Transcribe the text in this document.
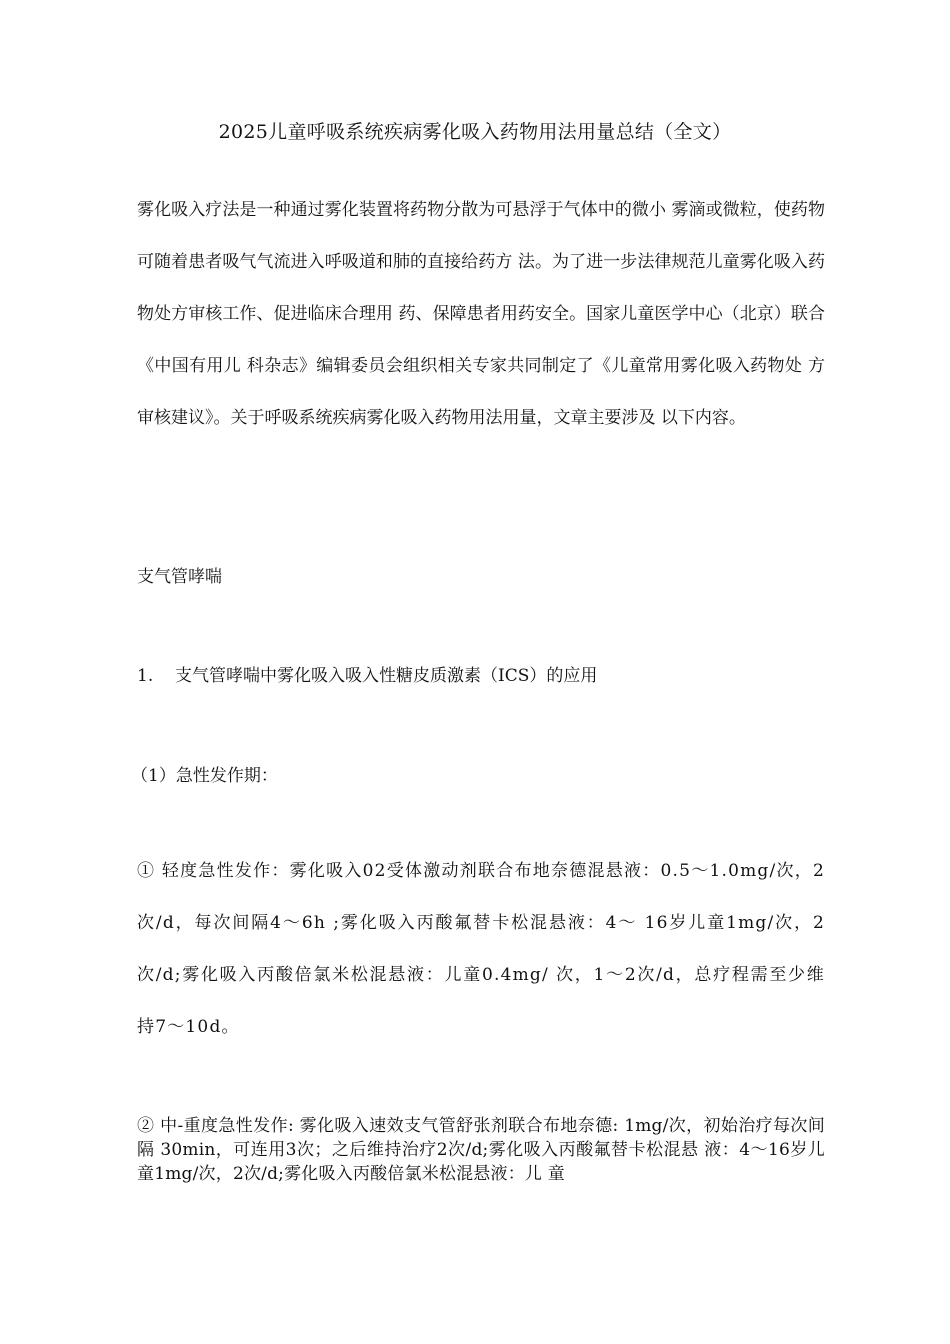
2025儿童呼吸系统疾病雾化吸入药物用法用量总结（全文）

雾化吸入疗法是一种通过雾化装置将药物分散为可悬浮于气体中的微小 雾滴或微粒，使药物可随着患者吸气气流进入呼吸道和肺的直接给药方 法。为了进一步法律规范儿童雾化吸入药物处方审核工作、促进临床合理用 药、保障患者用药安全。国家儿童医学中心（北京）联合《中国有用儿 科杂志》编辑委员会组织相关专家共同制定了《儿童常用雾化吸入药物处 方审核建议》。关于呼吸系统疾病雾化吸入药物用法用量，文章主要涉及 以下内容。

支气管哮喘

1. 支气管哮喘中雾化吸入吸入性糖皮质激素（ICS）的应用

（1）急性发作期：

① 轻度急性发作：雾化吸入02受体激动剂联合布地奈德混悬液：0.5〜1.0mg/次，2次/d，每次间隔4〜6h ;雾化吸入丙酸氟替卡松混悬液：4〜 16岁儿童1mg/次，2次/d;雾化吸入丙酸倍氯米松混悬液：儿童0.4mg/ 次，1〜2次/d，总疗程需至少维持7〜10d。

② 中-重度急性发作: 雾化吸入速效支气管舒张剂联合布地奈德: 1mg/次，初始治疗每次间隔 30min，可连用3次；之后维持治疗2次/d;雾化吸入丙酸氟替卡松混悬 液：4〜16岁儿童1mg/次，2次/d;雾化吸入丙酸倍氯米松混悬液：儿 童
